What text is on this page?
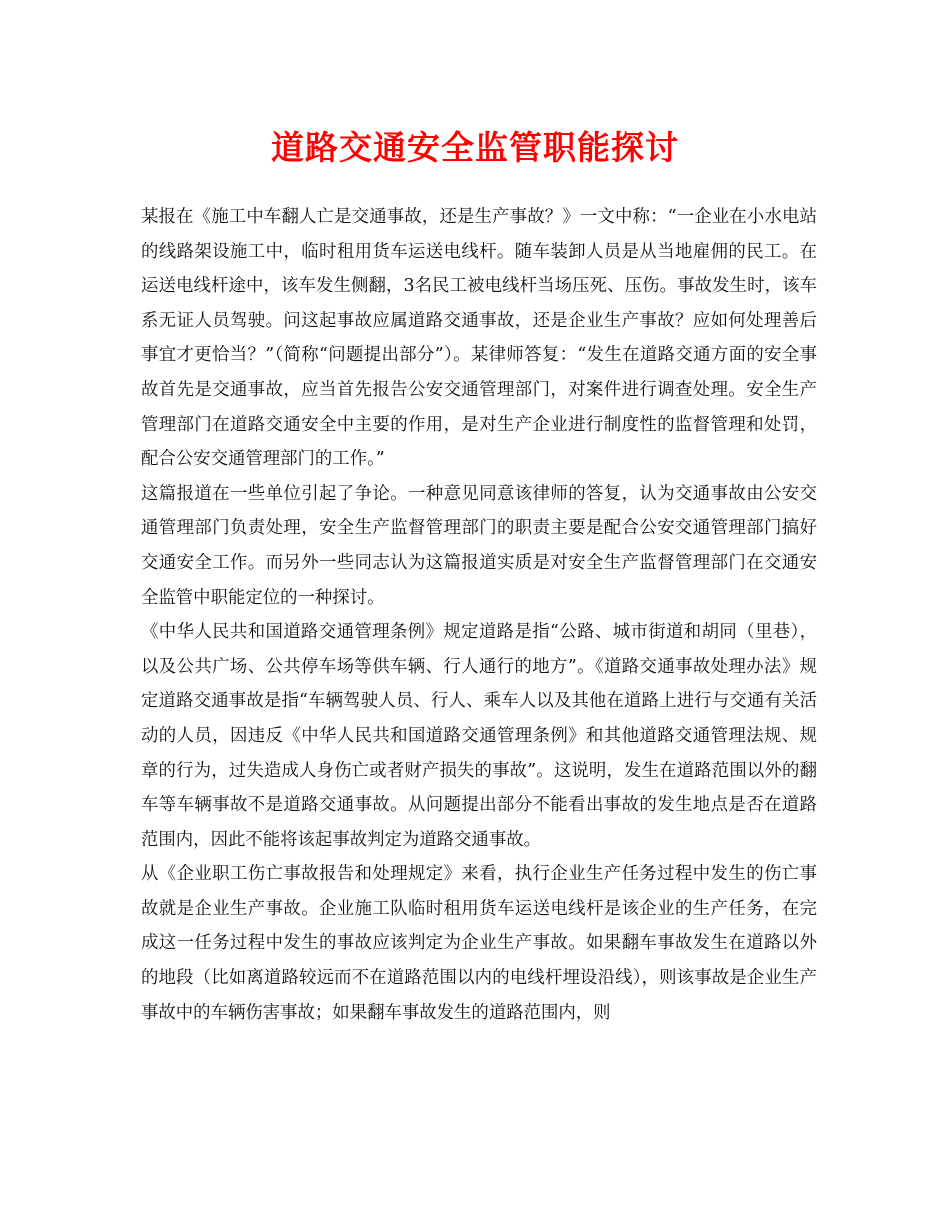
道路交通安全监管职能探讨

某报在《施工中车翻人亡是交通事故，还是生产事故？》一文中称：“一企业在小水电站的线路架设施工中，临时租用货车运送电线杆。随车装卸人员是从当地雇佣的民工。在运送电线杆途中，该车发生侧翻，3名民工被电线杆当场压死、压伤。事故发生时，该车系无证人员驾驶。问这起事故应属道路交通事故，还是企业生产事故？应如何处理善后事宜才更恰当？”（简称“问题提出部分”）。某律师答复：“发生在道路交通方面的安全事故首先是交通事故，应当首先报告公安交通管理部门，对案件进行调查处理。安全生产管理部门在道路交通安全中主要的作用，是对生产企业进行制度性的监督管理和处罚，配合公安交通管理部门的工作。”

这篇报道在一些单位引起了争论。一种意见同意该律师的答复，认为交通事故由公安交通管理部门负责处理，安全生产监督管理部门的职责主要是配合公安交通管理部门搞好交通安全工作。而另外一些同志认为这篇报道实质是对安全生产监督管理部门在交通安全监管中职能定位的一种探讨。

《中华人民共和国道路交通管理条例》规定道路是指“公路、城市街道和胡同（里巷），以及公共广场、公共停车场等供车辆、行人通行的地方”。《道路交通事故处理办法》规定道路交通事故是指“车辆驾驶人员、行人、乘车人以及其他在道路上进行与交通有关活动的人员，因违反《中华人民共和国道路交通管理条例》和其他道路交通管理法规、规章的行为，过失造成人身伤亡或者财产损失的事故”。这说明，发生在道路范围以外的翻车等车辆事故不是道路交通事故。从问题提出部分不能看出事故的发生地点是否在道路范围内，因此不能将该起事故判定为道路交通事故。

从《企业职工伤亡事故报告和处理规定》来看，执行企业生产任务过程中发生的伤亡事故就是企业生产事故。企业施工队临时租用货车运送电线杆是该企业的生产任务，在完成这一任务过程中发生的事故应该判定为企业生产事故。如果翻车事故发生在道路以外的地段（比如离道路较远而不在道路范围以内的电线杆埋设沿线），则该事故是企业生产事故中的车辆伤害事故；如果翻车事故发生的道路范围内，则
